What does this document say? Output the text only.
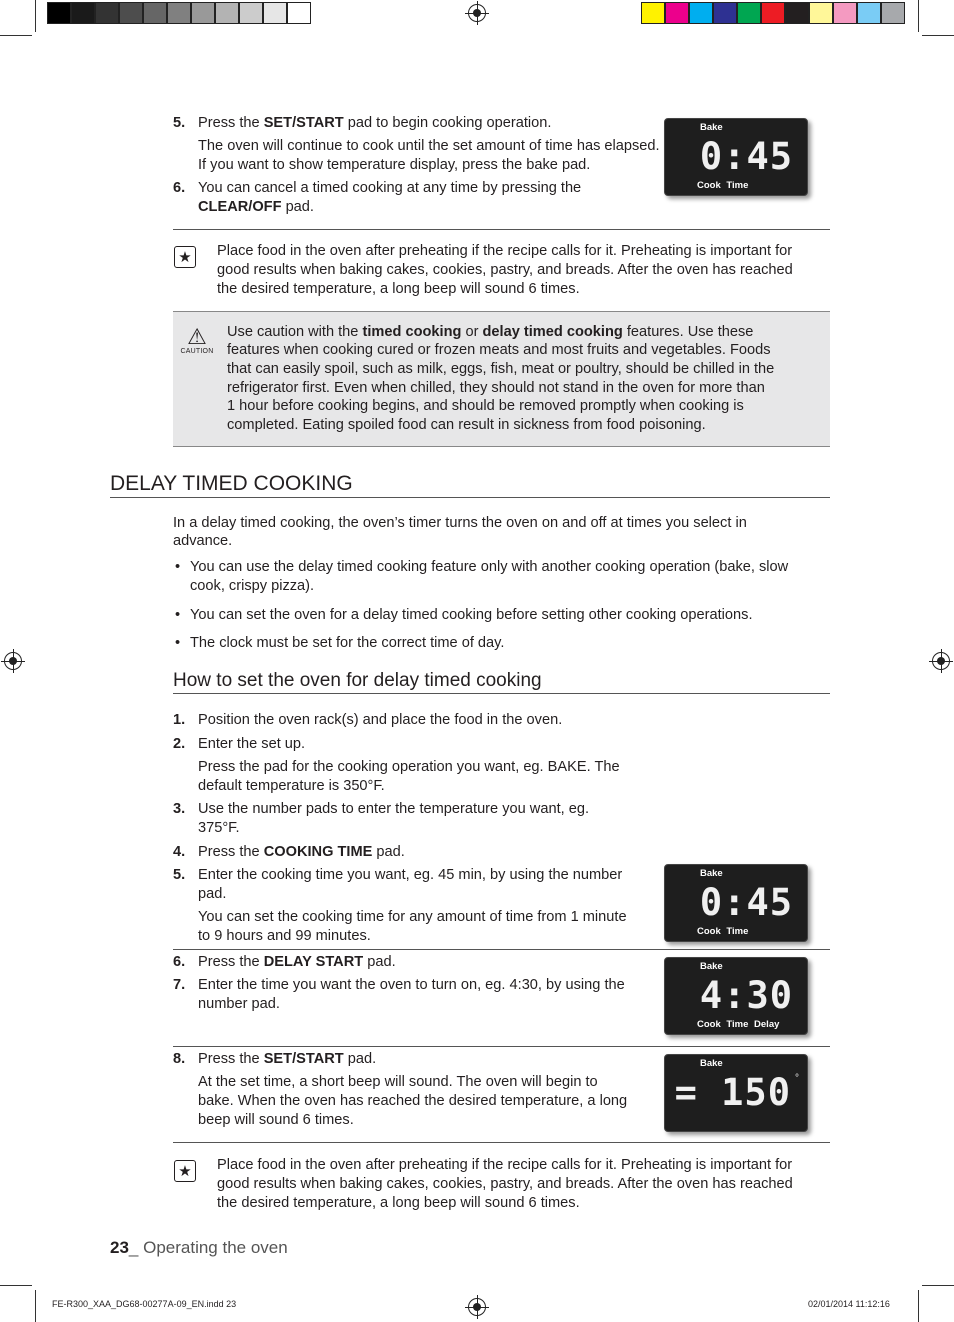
5. Press the SET/START pad to begin cooking operation.
The oven will continue to cook until the set amount of time has elapsed.
If you want to show temperature display, press the bake pad.
6. You can cancel a timed cooking at any time by pressing the
CLEAR/OFF pad.
Bake
0:45
Cook Time
★ Place food in the oven after preheating if the recipe calls for it. Preheating is important for
good results when baking cakes, cookies, pastry, and breads. After the oven has reached
the desired temperature, a long beep will sound 6 times.
⚠
CAUTION
Use caution with the timed cooking or delay timed cooking features. Use these
features when cooking cured or frozen meats and most fruits and vegetables. Foods
that can easily spoil, such as milk, eggs, fish, meat or poultry, should be chilled in the
refrigerator first. Even when chilled, they should not stand in the oven for more than
1 hour before cooking begins, and should be removed promptly when cooking is
completed. Eating spoiled food can result in sickness from food poisoning.
DELAY TIMED COOKING
In a delay timed cooking, the oven’s timer turns the oven on and off at times you select in
advance.
• You can use the delay timed cooking feature only with another cooking operation (bake, slow
cook, crispy pizza).
• You can set the oven for a delay timed cooking before setting other cooking operations.
• The clock must be set for the correct time of day.
How to set the oven for delay timed cooking
1. Position the oven rack(s) and place the food in the oven.
2. Enter the set up.
Press the pad for the cooking operation you want, eg. BAKE. The
default temperature is 350°F.
3. Use the number pads to enter the temperature you want, eg.
375°F.
4. Press the COOKING TIME pad.
5. Enter the cooking time you want, eg. 45 min, by using the number
pad.
You can set the cooking time for any amount of time from 1 minute
to 9 hours and 99 minutes.
Bake
0:45
Cook Time
6. Press the DELAY START pad.
7. Enter the time you want the oven to turn on, eg. 4:30, by using the
number pad.
Bake
4:30
Cook Time Delay
8. Press the SET/START pad.
At the set time, a short beep will sound. The oven will begin to
bake. When the oven has reached the desired temperature, a long
beep will sound 6 times.
Bake
= 150 °
★ Place food in the oven after preheating if the recipe calls for it. Preheating is important for
good results when baking cakes, cookies, pastry, and breads. After the oven has reached
the desired temperature, a long beep will sound 6 times.
23_ Operating the oven
FE-R300_XAA_DG68-00277A-09_EN.indd 23	02/01/2014 11:12:16
